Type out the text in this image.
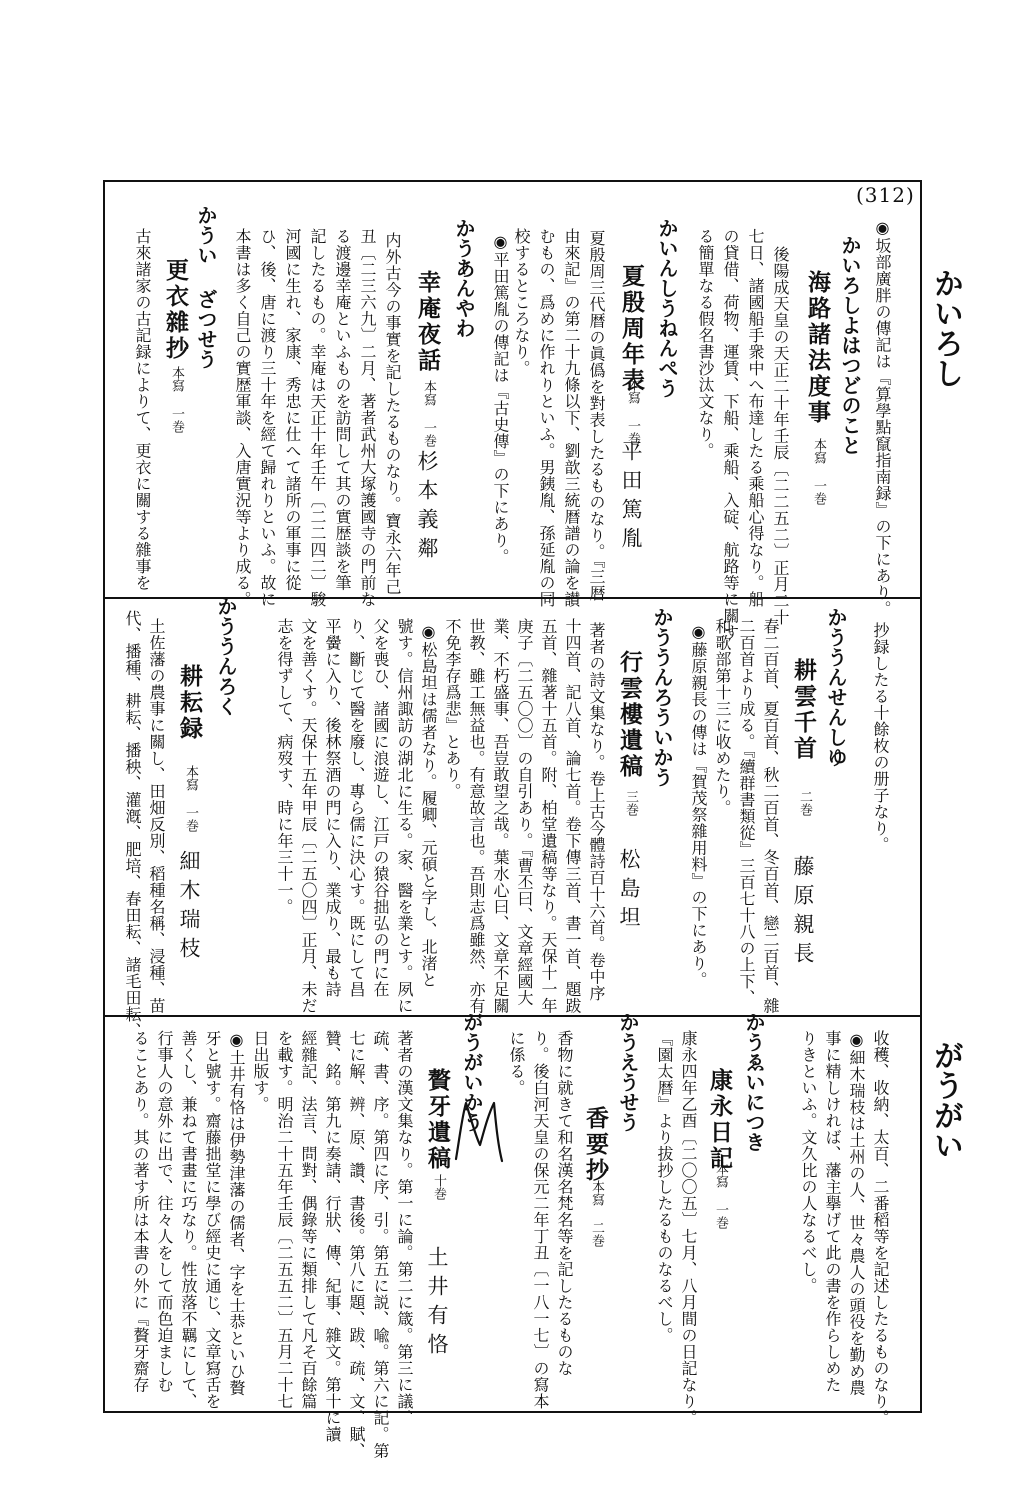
(312)
かいろし
がうがい
◉坂部廣胖の傳記は『算學點竄指南録』の下にあり。
かいろしよはつどのこと
海路諸法度事
本寫 一巻
後陽成天皇の天正二十年壬辰〔二二五二〕正月二十
七日、諸國船手衆中へ布達したる乘船心得なり。船
の貸借、荷物、運賃、下船、乘船、入碇、航路等に關す
る簡單なる假名書沙汰文なり。
かいんしうねんぺう
夏殷周年表
本寫 一巻
平田篤胤
夏殷周三代暦の眞僞を對表したるものなり。『三暦
由來記』の第二十九條以下、劉歆三統暦譜の論を讃
むもの、爲めに作れりといふ。男銕胤、孫延胤の同
校するところなり。
◉平田篤胤の傳記は『古史傳』の下にあり。
かうあんやわ
幸庵夜話
本寫 一巻
杉本義鄰
内外古今の事實を記したるものなり。寶永六年己
丑〔二三六九〕二月、著者武州大塚護國寺の門前な
る渡邊幸庵といふものを訪問して其の實歴談を筆
記したるもの。幸庵は天正十年壬午〔二二四二〕駿
河國に生れ、家康、秀忠に仕へて諸所の軍事に從
ひ、後、唐に渡り三十年を經て歸れりといふ。故に
本書は多く自己の實歴軍談、入唐實況等より成る。
かうい ざつせう
更衣雜抄
本寫 一巻
古來諸家の古記録によりて、更衣に關する雜事を
抄録したる十餘枚の册子なり。
かううんせんしゆ
耕雲千首
二巻
藤原親長
春二百首、夏百首、秋二百首、冬百首、戀二百首、雜
二百首より成る。『續群書類從』三百七十八の上下、
和歌部第十三に收めたり。
◉藤原親長の傳は『賀茂祭雜用料』の下にあり。
かううんろういかう
行雲樓遺稿
三巻
松島坦
著者の詩文集なり。卷上古今體詩百十六首。卷中序
十四首、記八首、論七首。卷下傳三首、書一首、題跋
五首、雜著十五首。附、柏堂遺稿等なり。天保十一年
庚子〔二五〇〇〕の自引あり。『曹丕曰、文章經國大
業、不朽盛事、吾豈敢望之哉。葉水心曰、文章不足關
世教、雖工無益也。有意故言也。吾則志爲雖然、亦有
不免李存爲悲』とあり。
◉松島坦は儒者なり。履卿、元碩と字し、北渚と
號す。信州諏訪の湖北に生る。家、醫を業とす。夙に
父を喪ひ、諸國に浪遊し、江戸の猿谷拙弘の門に在
り、斷じて醫を廢し、專ら儒に決心す。既にして昌
平黌に入り、後林祭酒の門に入り、業成り、最も詩
文を善くす。天保十五年甲辰〔二五〇四〕正月、未だ
志を得ずして、病歿す、時に年三十一。
かううんろく
耕耘録
本寫 一巻
細木瑞枝
土佐藩の農事に關し、田畑反別、稻種名稱、浸種、苗
代、播種、耕耘、播秧、灌漑、肥培、春田耘、諸毛田耘、
收穫、收納、太百、二番稻等を記述したるものなり。
◉細木瑞枝は土州の人、世々農人の頭役を勤め農
事に精しければ、藩主擧げて此の書を作らしめた
りきといふ。文久比の人なるべし。
かうゑいにつき
康永日記
本寫 一巻
康永四年乙酉〔二〇〇五〕七月、八月間の日記なり。
『園太暦』より拔抄したるものなるべし。
かうえうせう
香要抄
本寫 二巻
香物に就きて和名漢名梵名等を記したるものな
り。後白河天皇の保元二年丁丑〔一八一七〕の寫本
に係る。
がうがいかう
贅牙遺稿
十巻
土井有恪
著者の漢文集なり。第一に論。第二に箴。第三に議、
疏、書、序。第四に序、引。第五に説、喩。第六に記。第
七に解、辨、原、讚、書後。第八に題、跋、疏、文、賦、
贊、銘。第九に奏請、行狀、傳、紀事、雜文。第十に讀
經雜記、法言、問對、偶錄等に類排して凡そ百餘篇
を載す。明治二十五年壬辰〔二五五二〕五月二十七
日出版す。
◉土井有恪は伊勢津藩の儒者、字を士恭といひ贅
牙と號す。齋藤拙堂に學び經史に通じ、文章寫舌を
善くし、兼ねて書畫に巧なり。性放落不羈にして、
行事人の意外に出で、往々人をして而色迫ましむ
ることあり。其の著す所は本書の外に『贅牙齋存
